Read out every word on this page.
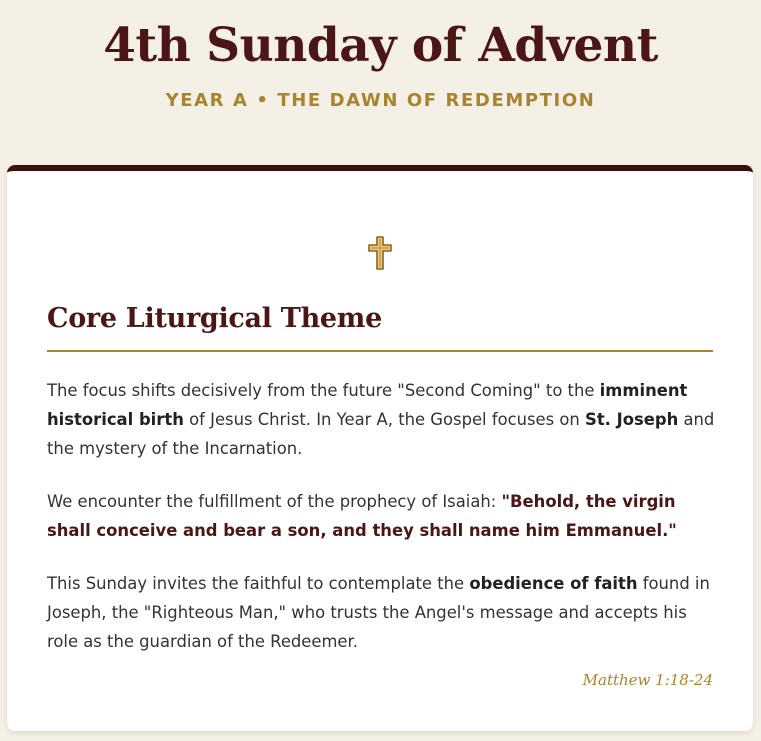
4th Sunday of Advent
YEAR A • THE DAWN OF REDEMPTION
Core Liturgical Theme

The focus shifts decisively from the future "Second Coming" to the imminent historical birth of Jesus Christ. In Year A, the Gospel focuses on St. Joseph and the mystery of the Incarnation.

We encounter the fulfillment of the prophecy of Isaiah: "Behold, the virgin shall conceive and bear a son, and they shall name him Emmanuel."

This Sunday invites the faithful to contemplate the obedience of faith found in Joseph, the "Righteous Man," who trusts the Angel's message and accepts his role as the guardian of the Redeemer.

Matthew 1:18-24
